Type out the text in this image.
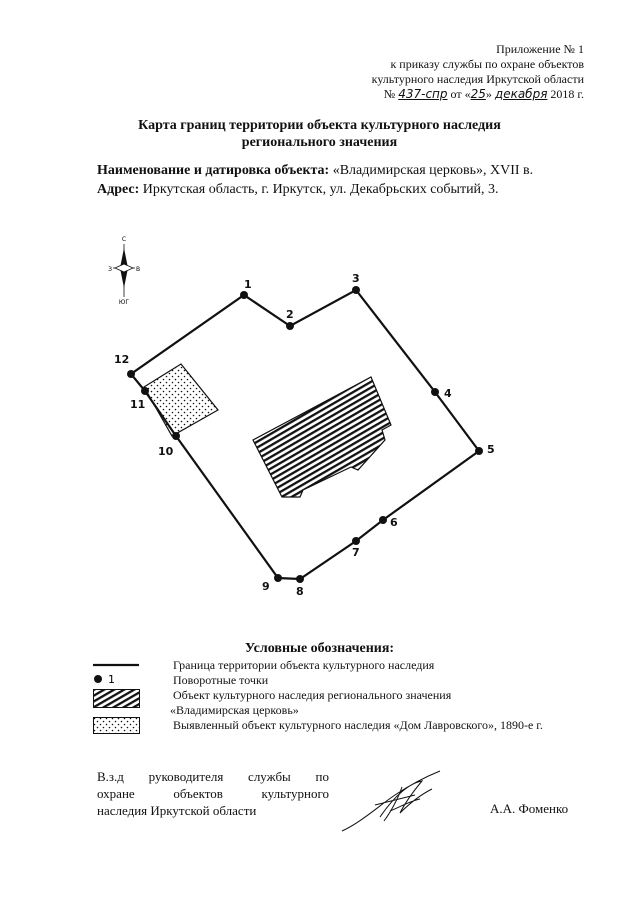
Приложение № 1
к приказу службы по охране объектов
культурного наследия Иркутской области
№ 437-спр от «25» декабря 2018 г.
Карта границ территории объекта культурного наследия
регионального значения
Наименование и датировка объекта: «Владимирская церковь», XVII в.
Адрес: Иркутская область, г. Иркутск, ул. Декабрьских событий, 3.
С
З	В
ЮГ
1
2
3
4
5
6
7
8
9
10
11
12
Условные обозначения:
Граница территории объекта культурного наследия
1	Поворотные точки
Объект культурного наследия регионального значения
«Владимирская церковь»
Выявленный объект культурного наследия «Дом Лавровского», 1890-е г.
В.з.д руководителя службы по
охране объектов культурного
наследия Иркутской области	А.А. Фоменко
